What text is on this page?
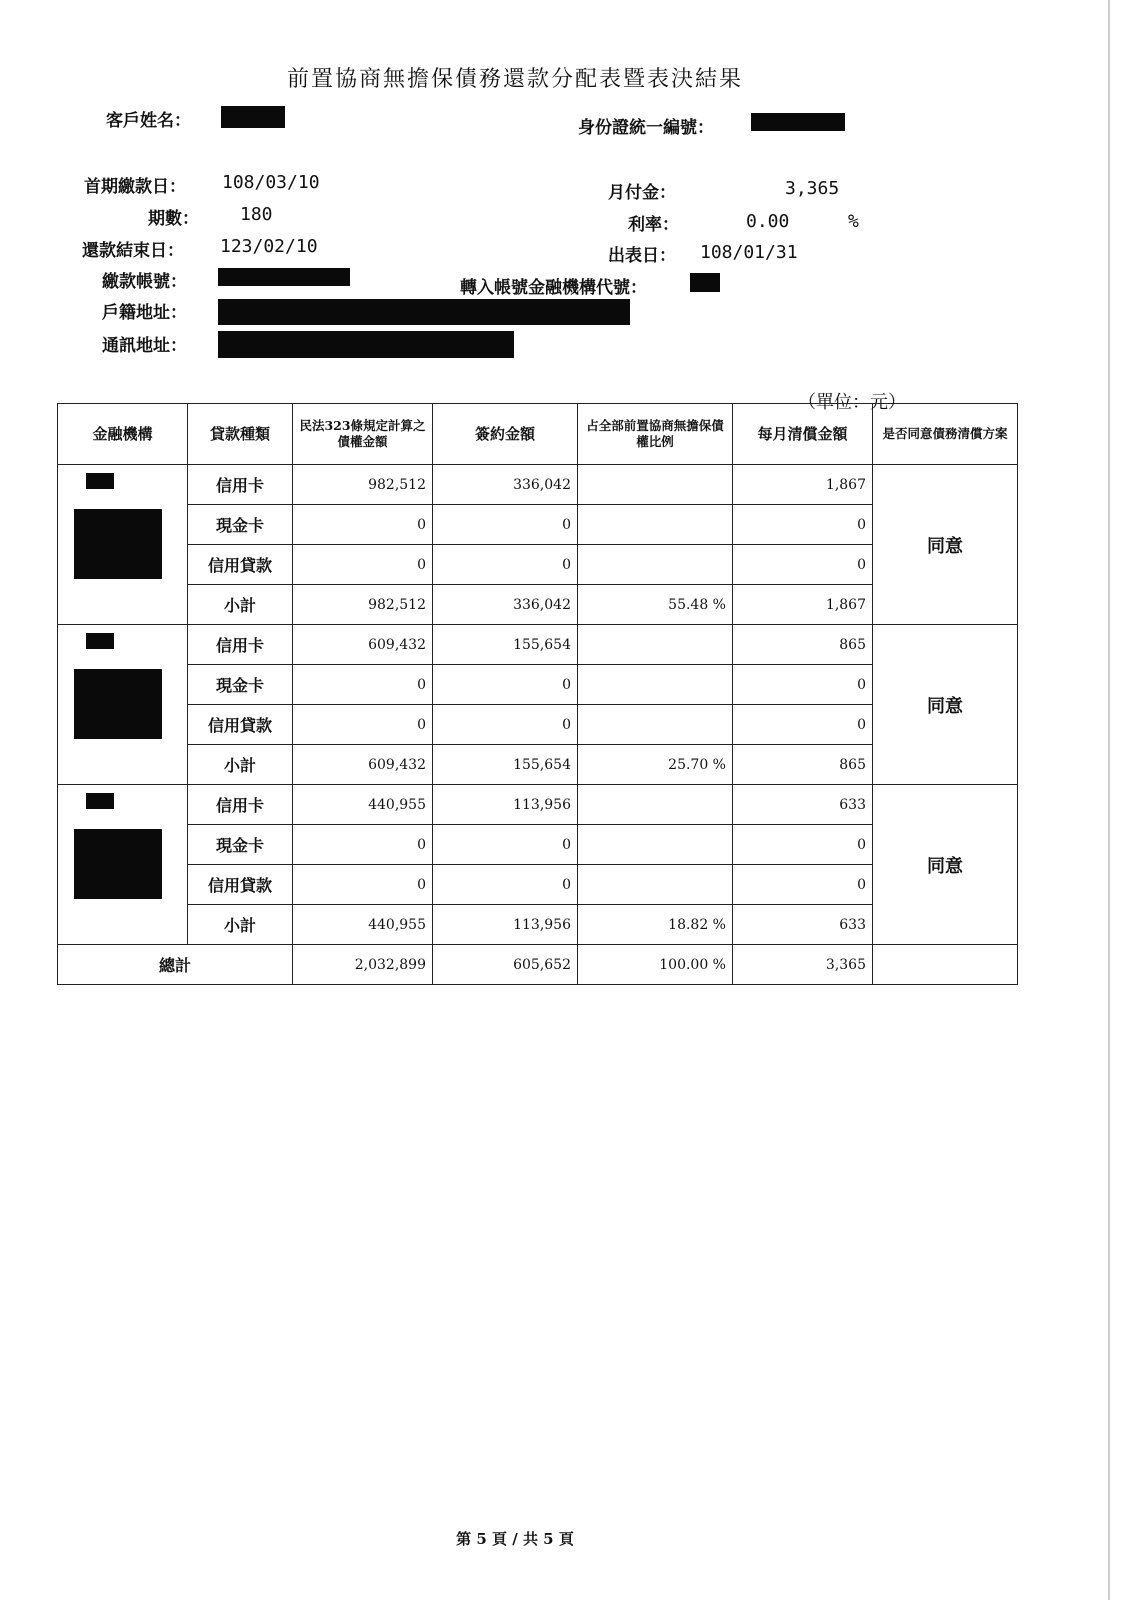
前置協商無擔保債務還款分配表暨表決結果
客戶姓名：	身份證統一編號：
首期繳款日： 108/03/10
期數： 180
還款結束日： 123/02/10
繳款帳號：	轉入帳號金融機構代號：
戶籍地址：
通訊地址：
月付金：	3,365
利率：	0.00	%
出表日： 108/01/31
（單位：元）
金融機構	貸款種類	民法323條規定計算之債權金額	簽約金額	占全部前置協商無擔保債權比例	每月清償金額	是否同意債務清償方案

	信用卡	982,512	336,042		1,867	同意
	現金卡	0	0		0	
	信用貸款	0	0		0	
	小計	982,512	336,042	55.48 %	1,867	

	信用卡	609,432	155,654		865	同意
	現金卡	0	0		0	
	信用貸款	0	0		0	
	小計	609,432	155,654	25.70 %	865	

	信用卡	440,955	113,956		633	同意
	現金卡	0	0		0	
	信用貸款	0	0		0	
	小計	440,955	113,956	18.82 %	633	
總計		2,032,899	605,652	100.00 %	3,365	
第 5 頁 / 共 5 頁
